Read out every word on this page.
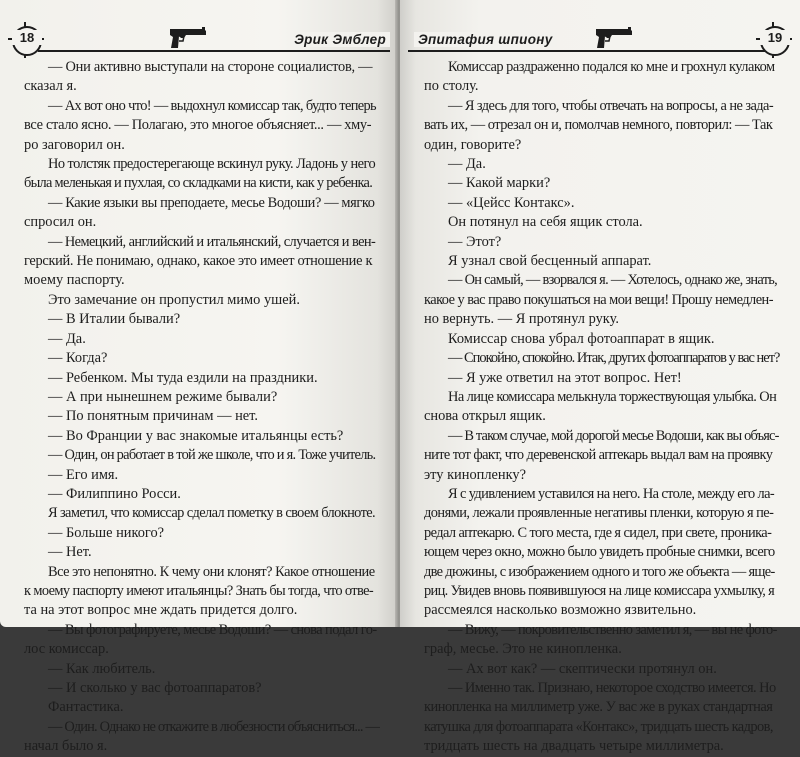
18	Эрик Эмблер

— Они активно выступали на стороне социалистов, —

сказал я.

— Ах вот оно что! — выдохнул комиссар так, будто теперь

все стало ясно. — Полагаю, это многое объясняет... — хму-

ро заговорил он.

Но толстяк предостерегающе вскинул руку. Ладонь у него

была меленькая и пухлая, со складками на кисти, как у ребенка.

— Какие языки вы преподаете, месье Водоши? — мягко

спросил он.

— Немецкий, английский и итальянский, случается и вен-

герский. Не понимаю, однако, какое это имеет отношение к

моему паспорту.

Это замечание он пропустил мимо ушей.

— В Италии бывали?

— Да.

— Когда?

— Ребенком. Мы туда ездили на праздники.

— А при нынешнем режиме бывали?

— По понятным причинам — нет.

— Во Франции у вас знакомые итальянцы есть?

— Один, он работает в той же школе, что и я. Тоже учитель.

— Его имя.

— Филиппино Росси.

Я заметил, что комиссар сделал пометку в своем блокноте.

— Больше никого?

— Нет.

Все это непонятно. К чему они клонят? Какое отношение

к моему паспорту имеют итальянцы? Знать бы тогда, что отве-

та на этот вопрос мне ждать придется долго.

— Вы фотографируете, месье Водоши? — снова подал го-

лос комиссар.

— Как любитель.

— И сколько у вас фотоаппаратов?

Фантастика.

— Один. Однако не откажите в любезности объясниться... —

начал было я.

Эпитафия шпиону	19

Комиссар раздраженно подался ко мне и грохнул кулаком

по столу.

— Я здесь для того, чтобы отвечать на вопросы, а не зада-

вать их, — отрезал он и, помолчав немного, повторил: — Так

один, говорите?

— Да.

— Какой марки?

— «Цейсс Контакс».

Он потянул на себя ящик стола.

— Этот?

Я узнал свой бесценный аппарат.

— Он самый, — взорвался я. — Хотелось, однако же, знать,

какое у вас право покушаться на мои вещи! Прошу немедлен-

но вернуть. — Я протянул руку.

Комиссар снова убрал фотоаппарат в ящик.

— Спокойно, спокойно. Итак, других фотоаппаратов у вас нет?

— Я уже ответил на этот вопрос. Нет!

На лице комиссара мелькнула торжествующая улыбка. Он

снова открыл ящик.

— В таком случае, мой дорогой месье Водоши, как вы объяс-

ните тот факт, что деревенской аптекарь выдал вам на проявку

эту кинопленку?

Я с удивлением уставился на него. На столе, между его ла-

донями, лежали проявленные негативы пленки, которую я пе-

редал аптекарю. С того места, где я сидел, при свете, проника-

ющем через окно, можно было увидеть пробные снимки, всего

две дюжины, с изображением одного и того же объекта — яще-

риц. Увидев вновь появившуюся на лице комиссара ухмылку, я

рассмеялся насколько возможно язвительно.

— Вижу, — покровительственно заметил я, — вы не фото-

граф, месье. Это не кинопленка.

— Ах вот как? — скептически протянул он.

— Именно так. Признаю, некоторое сходство имеется. Но

кинопленка на миллиметр уже. У вас же в руках стандартная

катушка для фотоаппарата «Контакс», тридцать шесть кадров,

тридцать шесть на двадцать четыре миллиметра.
